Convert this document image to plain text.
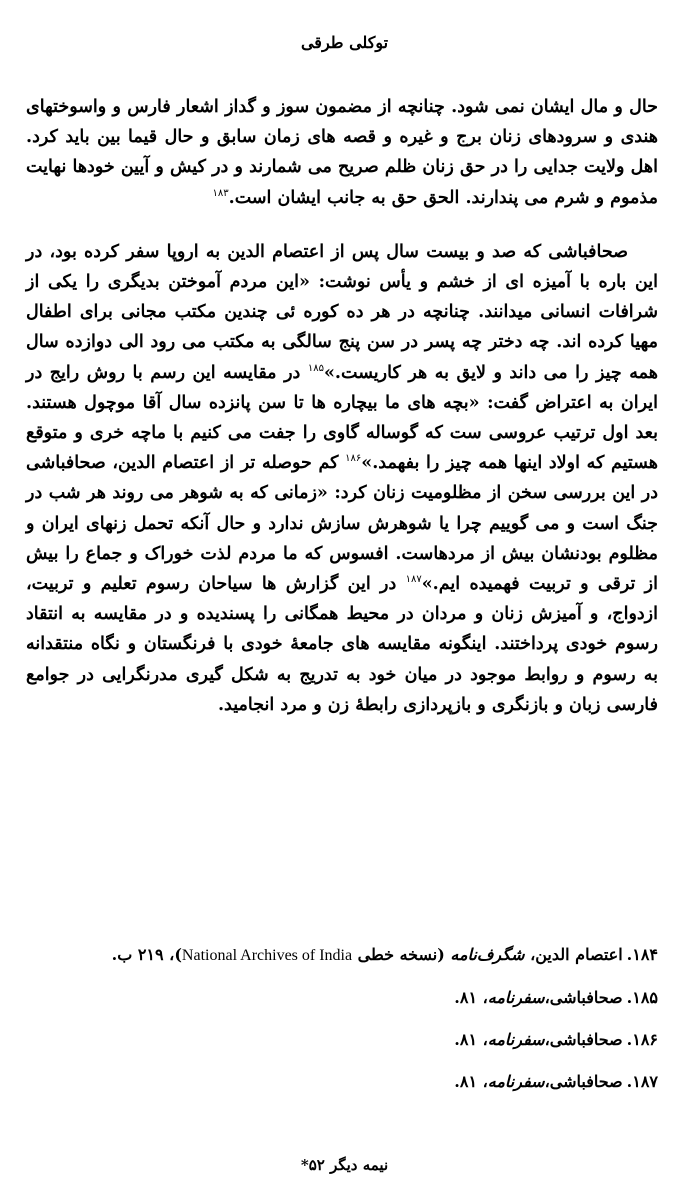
توکلی طرقی

حال و مال ایشان نمی شود. چنانچه از مضمون سوز و گداز اشعار فارس و واسوختهای هندی و سرودهای زنان برج و غیره و قصه های زمان سابق و حال قیما بین باید کرد. اهل ولایت جدایی را در حق زنان ظلم صریح می شمارند و در کیش و آیین خودها نهایت مذموم و شرم می پندارند. الحق حق به جانب ایشان است.$^{۱۸۳}$

صحافباشی که صد و بیست سال پس از اعتصام الدین به اروپا سفر کرده بود، در این باره با آمیزه ای از خشم و یأس نوشت: «این مردم آموختن بدیگری را یکی از شرافات انسانی میدانند. چنانچه در هر ده کوره ئی چندین مکتب مجانی برای اطفال مهیا کرده اند. چه دختر چه پسر در سن پنج سالگی به مکتب می رود الی دوازده سال همه چیز را می داند و لایق به هر کاریست.»$^{۱۸۵}$ در مقایسه این رسم با روش رایج در ایران به اعتراض گفت: «بچه های ما بیچاره ها تا سن پانزده سال آقا موچول هستند. بعد اول ترتیب عروسی ست که گوساله گاوی را جفت می کنیم با ماچه خری و متوقع هستیم که اولاد اینها همه چیز را بفهمد.»$^{۱۸۶}$ کم حوصله تر از اعتصام الدین، صحافباشی در این بررسی سخن از مظلومیت زنان کرد: «زمانی که به شوهر می روند هر شب در جنگ است و می گوییم چرا یا شوهرش سازش ندارد و حال آنکه تحمل زنهای ایران و مظلوم بودنشان بیش از مردهاست. افسوس که ما مردم لذت خوراک و جماع را بیش از ترقی و تربیت فهمیده ایم.»$^{۱۸۷}$ در این گزارش ها سیاحان رسوم تعلیم و تربیت، ازدواج، و آمیزش زنان و مردان در محیط همگانی را پسندیده و در مقایسه به انتقاد رسوم خودی پرداختند. اینگونه مقایسه های جامعهٔ خودی با فرنگستان و نگاه منتقدانه به رسوم و روابط موجود در میان خود به تدریج به شکل گیری مدرنگرایی در جوامع فارسی زبان و بازنگری و بازپردازی رابطهٔ زن و مرد انجامید.

۱۸۴.اعتصام الدین، شگرف‌نامه (نسخه خطی National Archives of India)، ۲۱۹ ب.

۱۸۵.صحافباشی،سفرنامه، ۸۱.

۱۸۶.صحافباشی،سفرنامه، ۸۱.

۱۸۷.صحافباشی،سفرنامه، ۸۱.

نیمه دیگر ۵۲*
